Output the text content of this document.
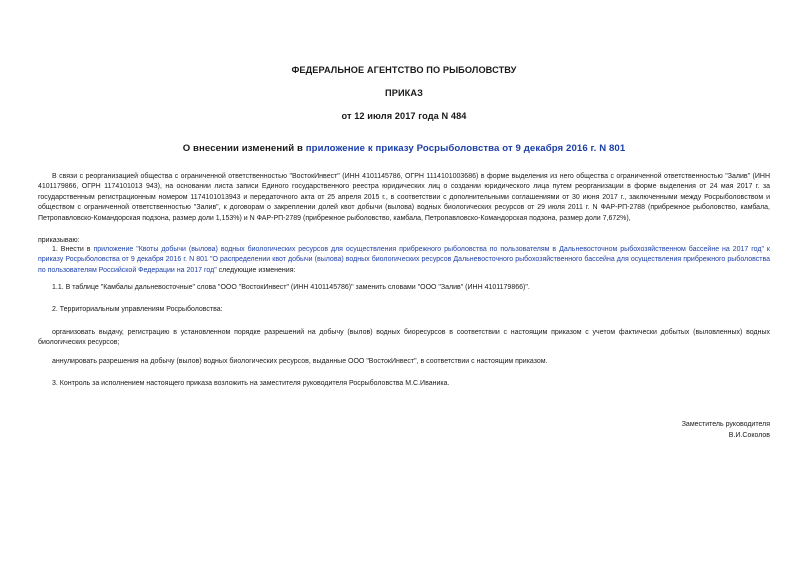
ФЕДЕРАЛЬНОЕ АГЕНТСТВО ПО РЫБОЛОВСТВУ
ПРИКАЗ
от 12 июля 2017 года N 484
О внесении изменений в приложение к приказу Росрыболовства от 9 декабря 2016 г. N 801
В связи с реорганизацией общества с ограниченной ответственностью "ВостокИнвест" (ИНН 4101145786, ОГРН 1114101003686) в форме выделения из него общества с ограниченной ответственностью "Залив" (ИНН 4101179866, ОГРН 1174101013 943), на основании листа записи Единого государственного реестра юридических лиц о создании юридического лица путем реорганизации в форме выделения от 24 мая 2017 г. за государственным регистрационным номером 1174101013943 и передаточного акта от 25 апреля 2015 г., в соответствии с дополнительными соглашениями от 30 июня 2017 г., заключенными между Росрыболовством и обществом с ограниченной ответственностью "Залив", к договорам о закреплении долей квот добычи (вылова) водных биологических ресурсов от 29 июля 2011 г. N ФАР-РП-2788 (прибрежное рыболовство, камбала, Петропавловско-Командорская подзона, размер доли 1,153%) и N ФАР-РП-2789 (прибрежное рыболовство, камбала, Петропавловско-Командорская подзона, размер доли 7,672%),
приказываю:
1. Внести в приложение "Квоты добычи (вылова) водных биологических ресурсов для осуществления прибрежного рыболовства по пользователям в Дальневосточном рыбохозяйственном бассейне на 2017 год" к приказу Росрыболовства от 9 декабря 2016 г. N 801 "О распределении квот добычи (вылова) водных биологических ресурсов Дальневосточного рыбохозяйственного бассейна для осуществления прибрежного рыболовства по пользователям Российской Федерации на 2017 год" следующие изменения:
1.1. В таблице "Камбалы дальневосточные" слова "ООО "ВостокИнвест" (ИНН 4101145786)" заменить словами "ООО "Залив" (ИНН 4101179866)".
2. Территориальным управлениям Росрыболовства:
организовать выдачу, регистрацию в установленном порядке разрешений на добычу (вылов) водных биоресурсов в соответствии с настоящим приказом с учетом фактически добытых (выловленных) водных биологических ресурсов;
аннулировать разрешения на добычу (вылов) водных биологических ресурсов, выданные ООО "ВостокИнвест", в соответствии с настоящим приказом.
3. Контроль за исполнением настоящего приказа возложить на заместителя руководителя Росрыболовства М.С.Иваника.
Заместитель руководителя
В.И.Соколов
